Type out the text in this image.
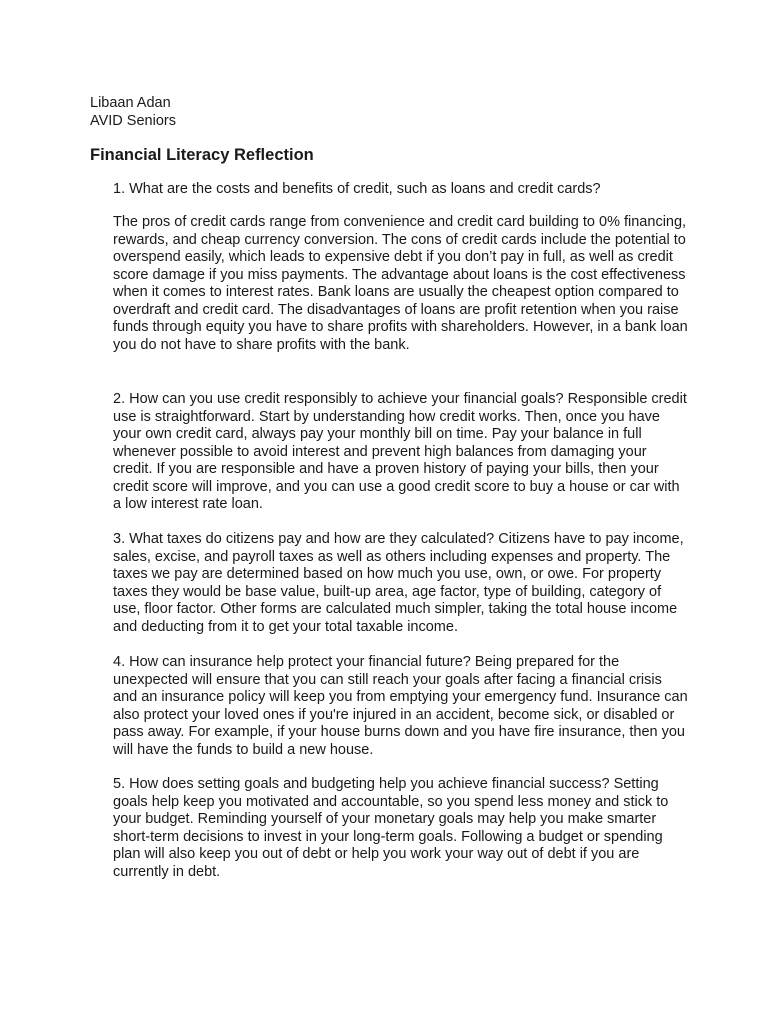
Libaan Adan
AVID Seniors
Financial Literacy Reflection
1. What are the costs and benefits of credit, such as loans and credit cards?

The pros of credit cards range from convenience and credit card building to 0% financing, rewards, and cheap currency conversion. The cons of credit cards include the potential to overspend easily, which leads to expensive debt if you don’t pay in full, as well as credit score damage if you miss payments. The advantage about loans is the cost effectiveness when it comes to interest rates. Bank loans are usually the cheapest option compared to overdraft and credit card. The disadvantages of loans are profit retention when you raise funds through equity you have to share profits with shareholders. However, in a bank loan you do not have to share profits with the bank.

2. How can you use credit responsibly to achieve your financial goals? Responsible credit use is straightforward. Start by understanding how credit works. Then, once you have your own credit card, always pay your monthly bill on time. Pay your balance in full whenever possible to avoid interest and prevent high balances from damaging your credit. If you are responsible and have a proven history of paying your bills, then your credit score will improve, and you can use a good credit score to buy a house or car with a low interest rate loan.

3. What taxes do citizens pay and how are they calculated? Citizens have to pay income, sales, excise, and payroll taxes as well as others including expenses and property. The taxes we pay are determined based on how much you use, own, or owe. For property taxes they would be base value, built-up area, age factor, type of building, category of use, floor factor. Other forms are calculated much simpler, taking the total house income and deducting from it to get your total taxable income.

4. How can insurance help protect your financial future? Being prepared for the unexpected will ensure that you can still reach your goals after facing a financial crisis and an insurance policy will keep you from emptying your emergency fund. Insurance can also protect your loved ones if you're injured in an accident, become sick, or disabled or pass away. For example, if your house burns down and you have fire insurance, then you will have the funds to build a new house.

5. How does setting goals and budgeting help you achieve financial success? Setting goals help keep you motivated and accountable, so you spend less money and stick to your budget. Reminding yourself of your monetary goals may help you make smarter short-term decisions to invest in your long-term goals. Following a budget or spending plan will also keep you out of debt or help you work your way out of debt if you are currently in debt.
